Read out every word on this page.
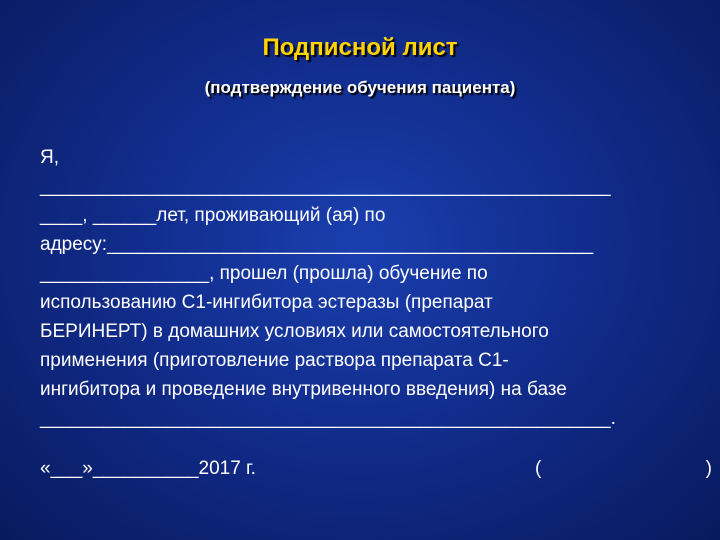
Подписной лист
(подтверждение обучения пациента)
Я,
______________________________________________________
____, ______лет, проживающий (ая) по
адресу:______________________________________________
________________, прошел (прошла) обучение по
использованию С1-ингибитора эстеразы (препарат
БЕРИНЕРТ) в домашних условиях или самостоятельного
применения (приготовление раствора препарата С1-
ингибитора и проведение внутривенного введения) на базе
______________________________________________________.
«___»__________2017 г.	(	)
